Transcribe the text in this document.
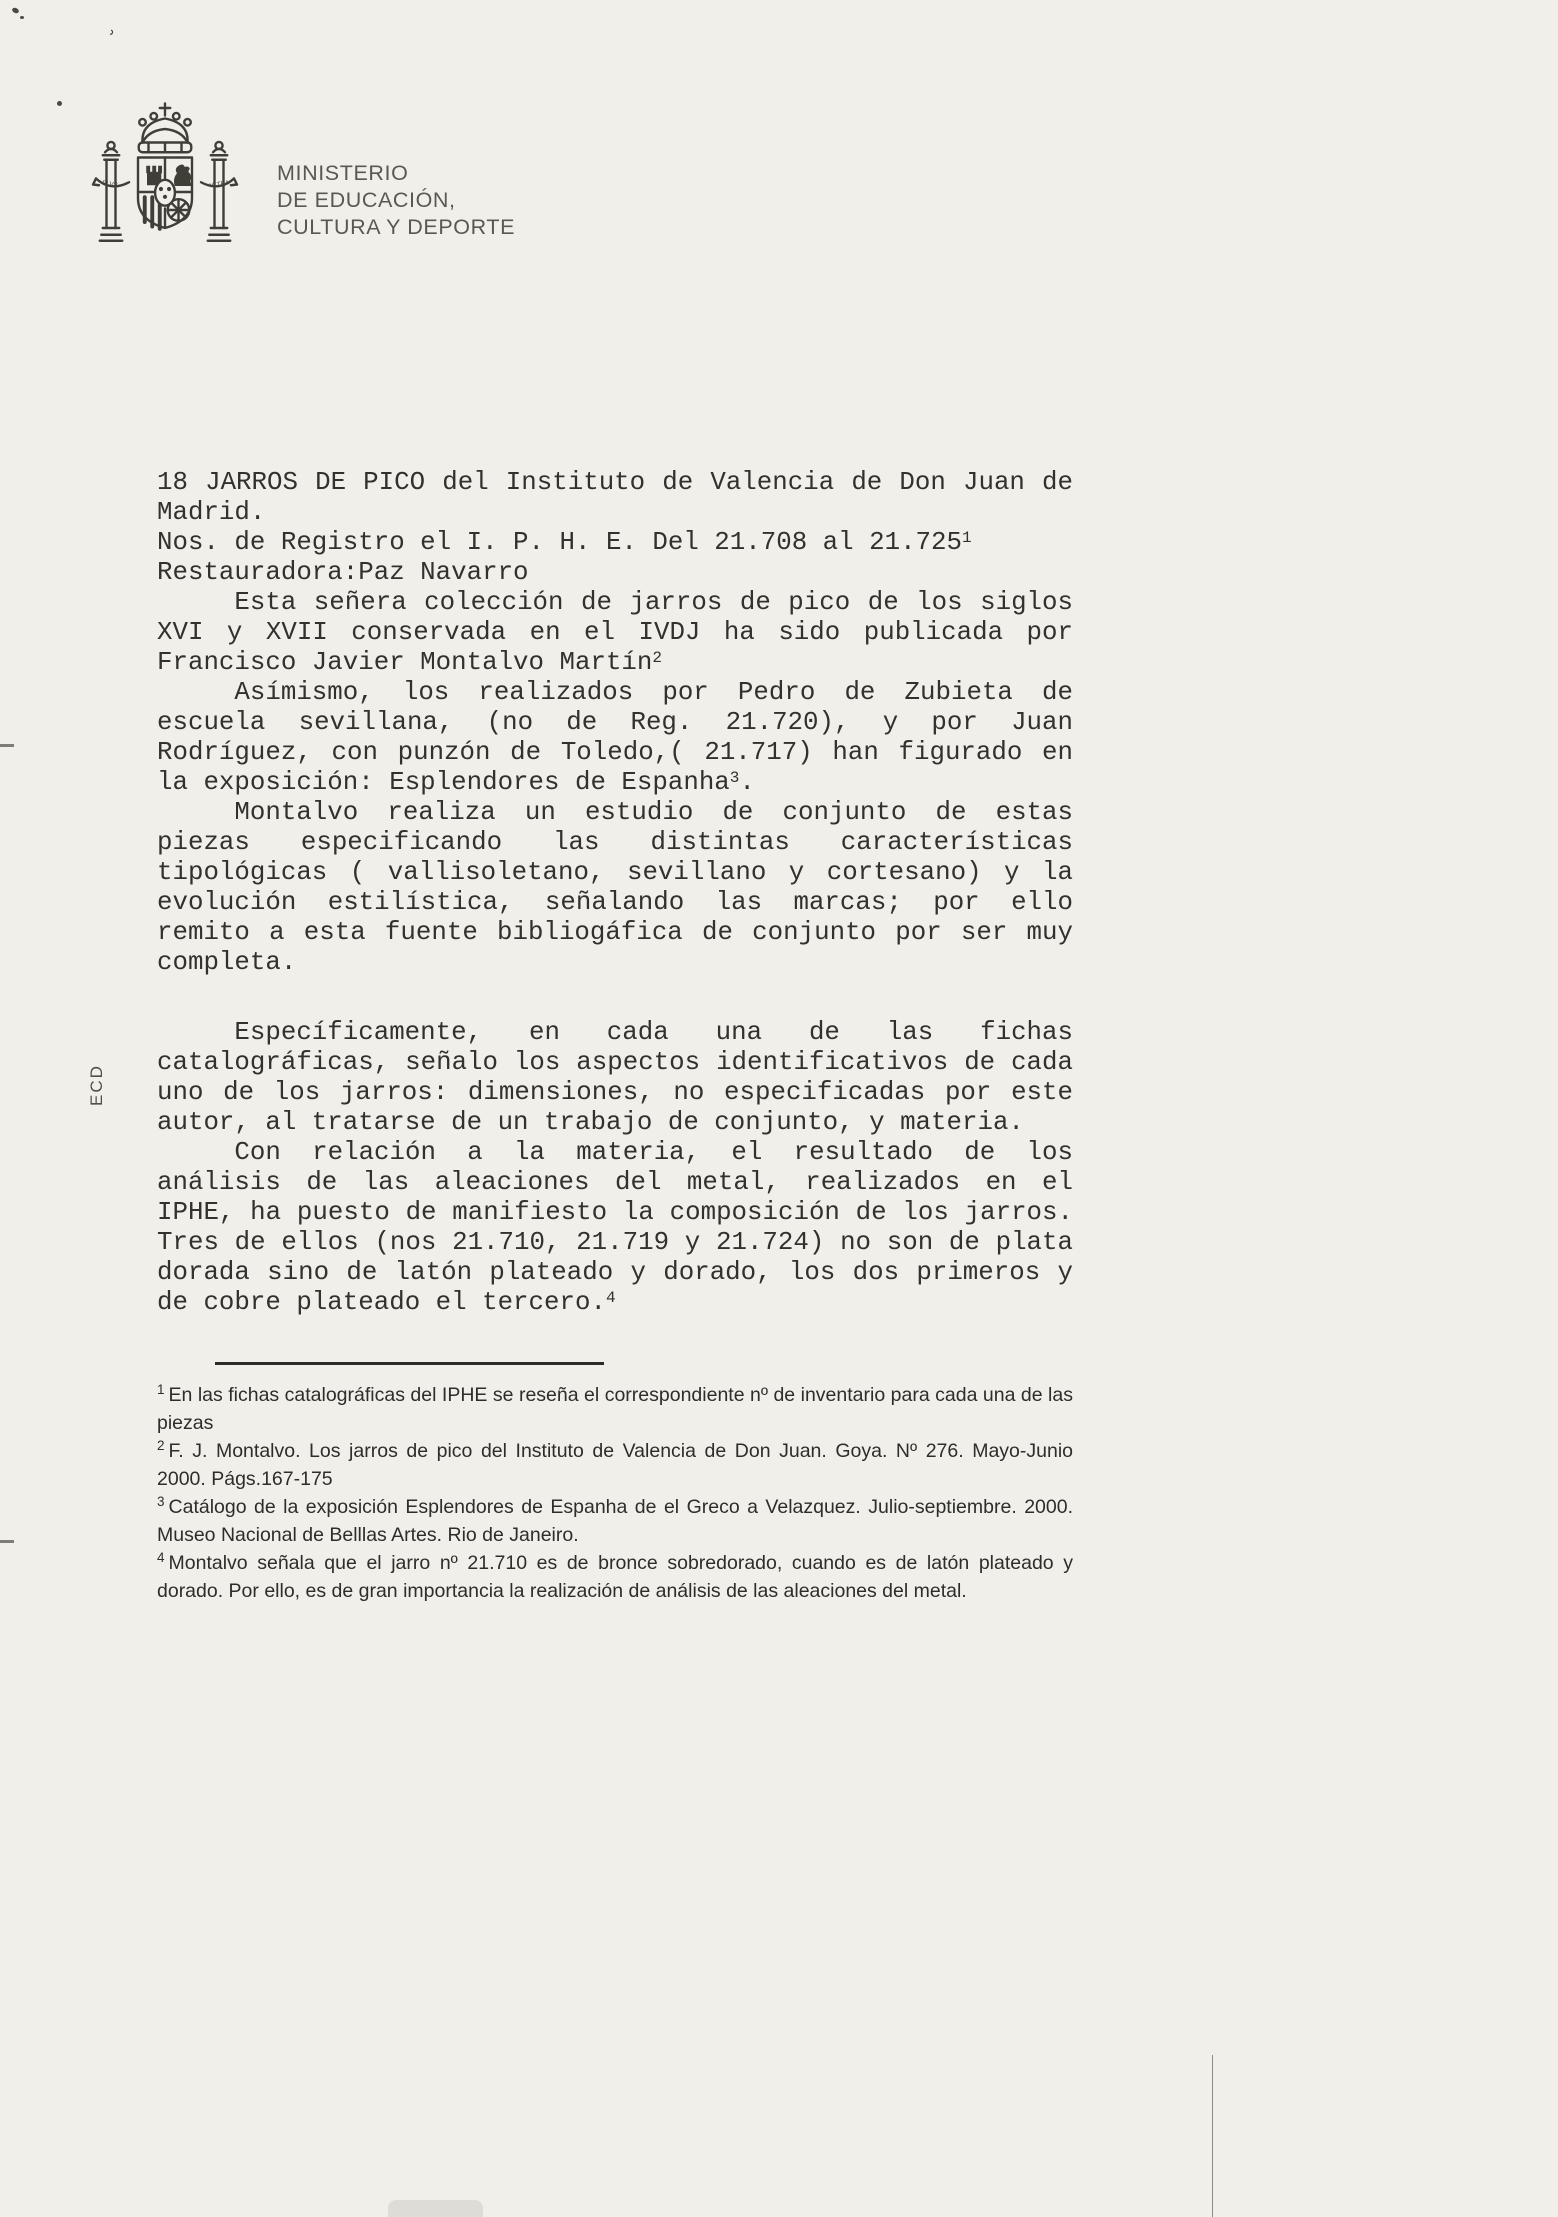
ʾ
PLVS	VLTRA MINISTERIO
DE EDUCACIÓN,
CULTURA Y DEPORTE
ECD

18 JARROS DE PICO del Instituto de Valencia de Don Juan de Madrid.

Nos. de Registro el I. P. H. E. Del 21.708 al 21.725$^1$

Restauradora:Paz Navarro

Esta señera colección de jarros de pico de los siglos XVI y XVII conservada en el IVDJ ha sido publicada por Francisco Javier Montalvo Martín$^2$

Asímismo, los realizados por Pedro de Zubieta de escuela sevillana, (no de Reg. 21.720), y por Juan Rodríguez, con punzón de Toledo,( 21.717) han figurado en la exposición: Esplendores de Espanha$^3$.

Montalvo realiza un estudio de conjunto de estas piezas especificando las distintas características tipológicas ( vallisoletano, sevillano y cortesano) y la evolución estilística, señalando las marcas; por ello remito a esta fuente bibliogáfica de conjunto por ser muy completa.

Específicamente, en cada una de las fichas catalográficas, señalo los aspectos identificativos de cada uno de los jarros: dimensiones, no especificadas por este autor, al tratarse de un trabajo de conjunto, y materia.

Con relación a la materia, el resultado de los análisis de las aleaciones del metal, realizados en el IPHE, ha puesto de manifiesto la composición de los jarros. Tres de ellos (nos 21.710, 21.719 y 21.724) no son de plata dorada sino de latón plateado y dorado, los dos primeros y de cobre plateado el tercero.$^4$

$^1$ En las fichas catalográficas del IPHE se reseña el correspondiente nº de inventario para cada una de las piezas
$^2$ F. J. Montalvo. Los jarros de pico del Instituto de Valencia de Don Juan. Goya. Nº 276. Mayo-Junio 2000. Págs.167-175
$^3$ Catálogo de la exposición Esplendores de Espanha de el Greco a Velazquez. Julio-septiembre. 2000. Museo Nacional de Belllas Artes. Rio de Janeiro.
$^4$ Montalvo señala que el jarro nº 21.710 es de bronce sobredorado, cuando es de latón plateado y dorado. Por ello, es de gran importancia la realización de análisis de las aleaciones del metal.
